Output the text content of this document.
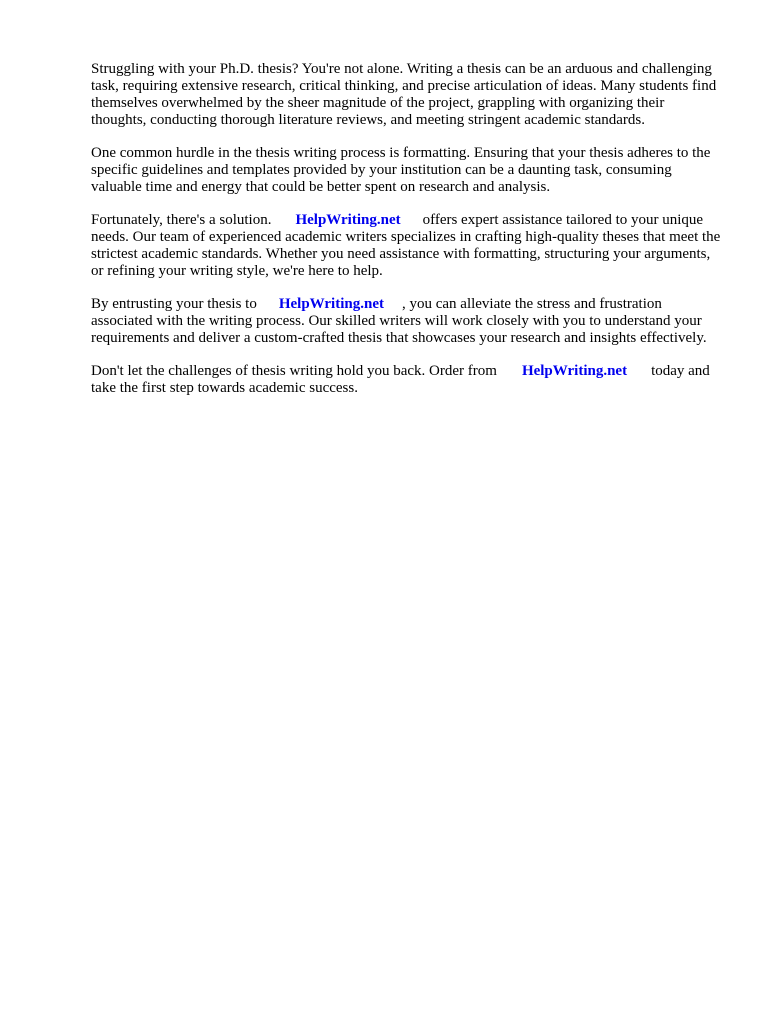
Struggling with your Ph.D. thesis? You're not alone. Writing a thesis can be an arduous and challenging task, requiring extensive research, critical thinking, and precise articulation of ideas. Many students find themselves overwhelmed by the sheer magnitude of the project, grappling with organizing their thoughts, conducting thorough literature reviews, and meeting stringent academic standards.

One common hurdle in the thesis writing process is formatting. Ensuring that your thesis adheres to the specific guidelines and templates provided by your institution can be a daunting task, consuming valuable time and energy that could be better spent on research and analysis.

Fortunately, there's a solution. HelpWriting.net offers expert assistance tailored to your unique needs. Our team of experienced academic writers specializes in crafting high-quality theses that meet the strictest academic standards. Whether you need assistance with formatting, structuring your arguments, or refining your writing style, we're here to help.

By entrusting your thesis to HelpWriting.net , you can alleviate the stress and frustration associated with the writing process. Our skilled writers will work closely with you to understand your requirements and deliver a custom-crafted thesis that showcases your research and insights effectively.

Don't let the challenges of thesis writing hold you back. Order from HelpWriting.net today and take the first step towards academic success.
